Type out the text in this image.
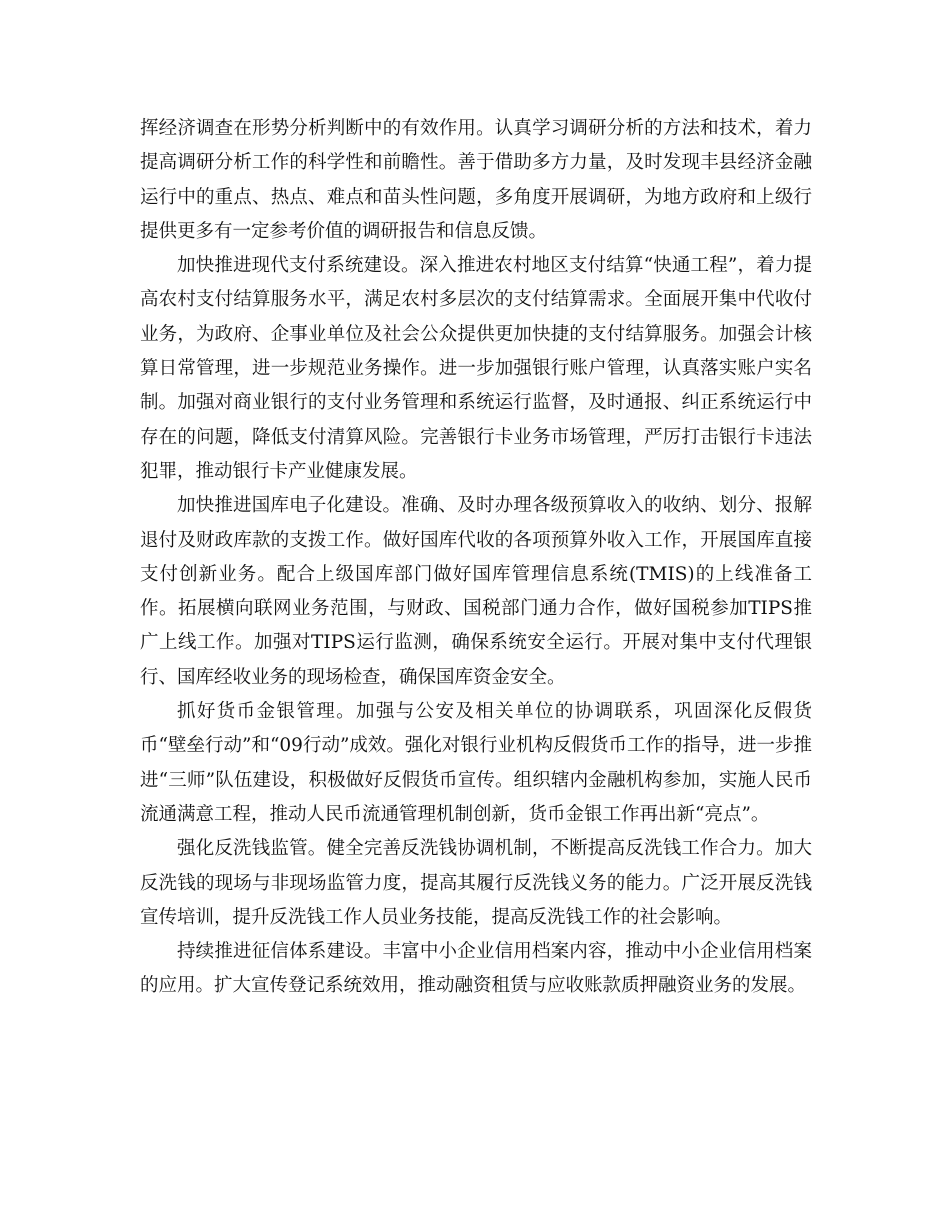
挥经济调查在形势分析判断中的有效作用。认真学习调研分析的方法和技术，着力提高调研分析工作的科学性和前瞻性。善于借助多方力量，及时发现丰县经济金融运行中的重点、热点、难点和苗头性问题，多角度开展调研，为地方政府和上级行提供更多有一定参考价值的调研报告和信息反馈。

加快推进现代支付系统建设。深入推进农村地区支付结算“快通工程”，着力提高农村支付结算服务水平，满足农村多层次的支付结算需求。全面展开集中代收付业务，为政府、企事业单位及社会公众提供更加快捷的支付结算服务。加强会计核算日常管理，进一步规范业务操作。进一步加强银行账户管理，认真落实账户实名制。加强对商业银行的支付业务管理和系统运行监督，及时通报、纠正系统运行中存在的问题，降低支付清算风险。完善银行卡业务市场管理，严厉打击银行卡违法犯罪，推动银行卡产业健康发展。

加快推进国库电子化建设。准确、及时办理各级预算收入的收纳、划分、报解退付及财政库款的支拨工作。做好国库代收的各项预算外收入工作，开展国库直接支付创新业务。配合上级国库部门做好国库管理信息系统(TMIS)的上线准备工作。拓展横向联网业务范围，与财政、国税部门通力合作，做好国税参加TIPS推广上线工作。加强对TIPS运行监测，确保系统安全运行。开展对集中支付代理银行、国库经收业务的现场检查，确保国库资金安全。

抓好货币金银管理。加强与公安及相关单位的协调联系，巩固深化反假货币“壁垒行动”和“09行动”成效。强化对银行业机构反假货币工作的指导，进一步推进“三师”队伍建设，积极做好反假货币宣传。组织辖内金融机构参加，实施人民币流通满意工程，推动人民币流通管理机制创新，货币金银工作再出新“亮点”。

强化反洗钱监管。健全完善反洗钱协调机制，不断提高反洗钱工作合力。加大反洗钱的现场与非现场监管力度，提高其履行反洗钱义务的能力。广泛开展反洗钱宣传培训，提升反洗钱工作人员业务技能，提高反洗钱工作的社会影响。

持续推进征信体系建设。丰富中小企业信用档案内容，推动中小企业信用档案的应用。扩大宣传登记系统效用，推动融资租赁与应收账款质押融资业务的发展。
